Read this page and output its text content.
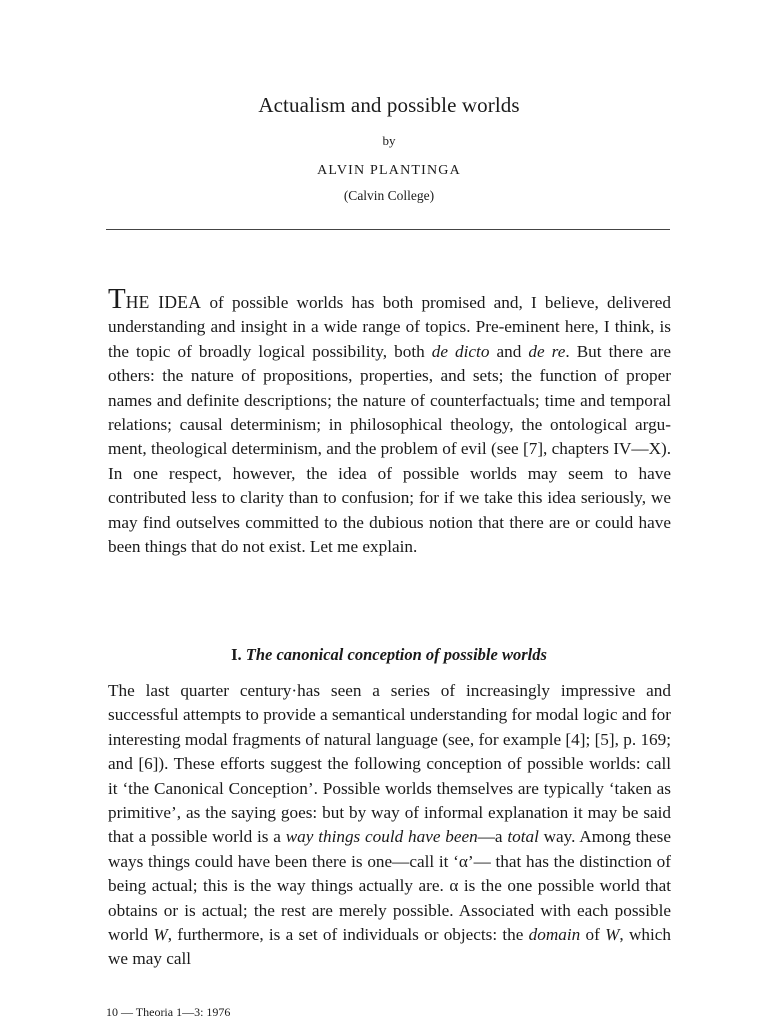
Actualism and possible worlds
by
ALVIN PLANTINGA
(Calvin College)
THE IDEA of possible worlds has both promised and, I believe, delivered understanding and insight in a wide range of topics. Pre-eminent here, I think, is the topic of broadly logical possibility, both de dicto and de re. But there are others: the nature of propositions, properties, and sets; the function of proper names and definite descriptions; the nature of counterfactuals; time and temporal relations; causal determinism; in philosophical theology, the ontological argument, theological determinism, and the problem of evil (see [7], chapters IV—X). In one respect, however, the idea of possible worlds may seem to have contributed less to clarity than to confusion; for if we take this idea seriously, we may find outselves committed to the dubious notion that there are or could have been things that do not exist. Let me explain.
I. The canonical conception of possible worlds
The last quarter century·has seen a series of increasingly impressive and successful attempts to provide a semantical understanding for modal logic and for interesting modal fragments of natural language (see, for example [4]; [5], p. 169; and [6]). These efforts suggest the following conception of possible worlds: call it ‘the Canonical Conception’. Possible worlds themselves are typically ‘taken as primitive’, as the saying goes: but by way of informal explanation it may be said that a possible world is a way things could have been—a total way. Among these ways things could have been there is one—call it ‘α’— that has the distinction of being actual; this is the way things actually are. α is the one possible world that obtains or is actual; the rest are merely possible. Associated with each possible world W, furthermore, is a set of individuals or objects: the domain of W, which we may call
10 — Theoria 1—3: 1976
